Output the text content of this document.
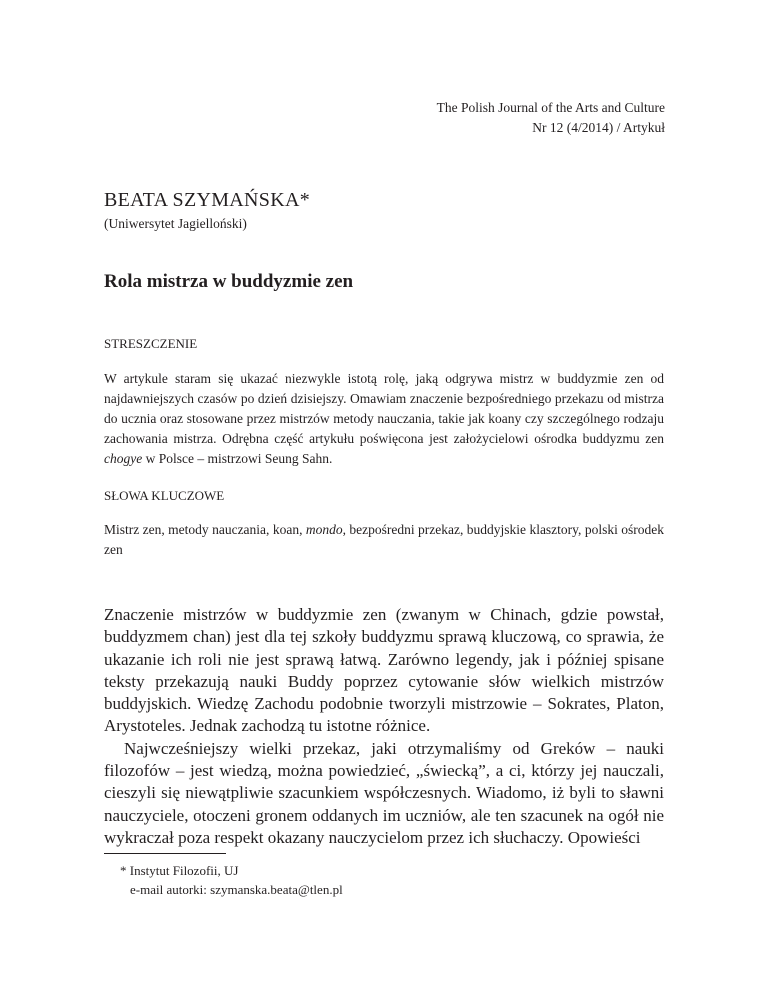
The Polish Journal of the Arts and Culture
Nr 12 (4/2014) / Artykuł
BEATA SZYMAŃSKA*
(Uniwersytet Jagielloński)
Rola mistrza w buddyzmie zen
STRESZCZENIE
W artykule staram się ukazać niezwykle istotą rolę, jaką odgrywa mistrz w buddyzmie zen od najdawniejszych czasów po dzień dzisiejszy. Omawiam znaczenie bezpośredniego przekazu od mistrza do ucznia oraz stosowane przez mistrzów metody nauczania, takie jak koany czy szczególnego rodzaju zachowania mistrza. Odrębna część artykułu poświęcona jest założycielowi ośrodka buddyzmu zen chogye w Polsce – mistrzowi Seung Sahn.
SŁOWA KLUCZOWE
Mistrz zen, metody nauczania, koan, mondo, bezpośredni przekaz, buddyjskie klasztory, polski ośrodek zen

Znaczenie mistrzów w buddyzmie zen (zwanym w Chinach, gdzie powstał, buddyzmem chan) jest dla tej szkoły buddyzmu sprawą kluczową, co sprawia, że ukazanie ich roli nie jest sprawą łatwą. Zarówno legendy, jak i później spisane teksty przekazują nauki Buddy poprzez cytowanie słów wielkich mistrzów buddyjskich. Wiedzę Zachodu podobnie tworzyli mistrzowie – Sokrates, Platon, Arystoteles. Jednak zachodzą tu istotne różnice.

Najwcześniejszy wielki przekaz, jaki otrzymaliśmy od Greków – nauki filozofów – jest wiedzą, można powiedzieć, „świecką”, a ci, którzy jej nauczali, cieszyli się niewątpliwie szacunkiem współczesnych. Wiadomo, iż byli to sławni nauczyciele, otoczeni gronem oddanych im uczniów, ale ten szacunek na ogół nie wykraczał poza respekt okazany nauczycielom przez ich słuchaczy. Opowieści

* Instytut Filozofii, UJ
e-mail autorki: szymanska.beata@tlen.pl
